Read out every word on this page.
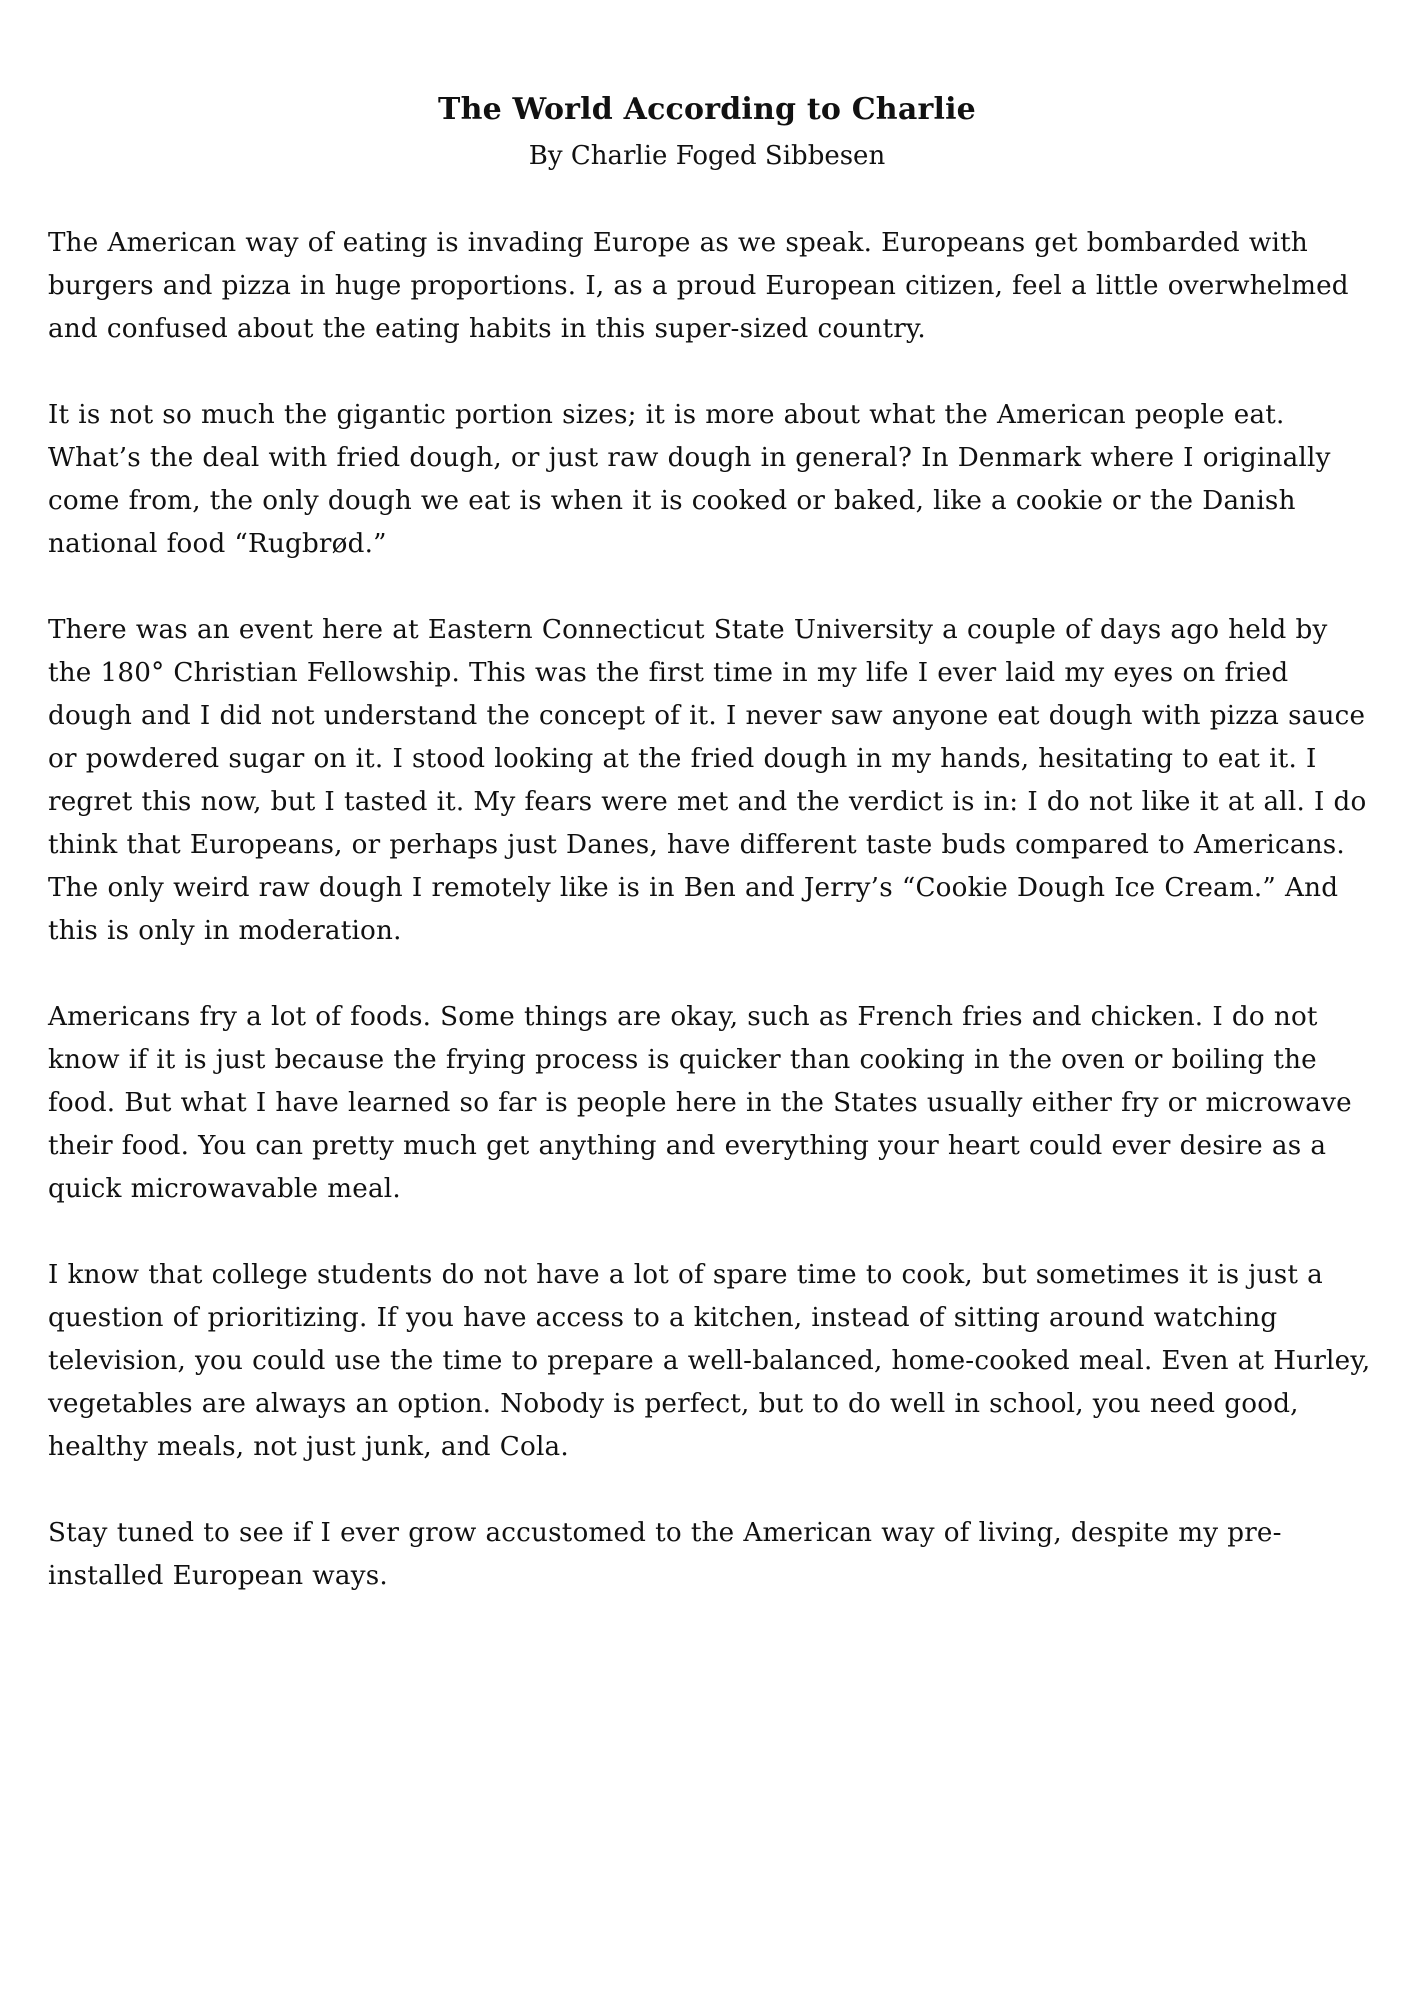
The World According to Charlie

By Charlie Foged Sibbesen

The American way of eating is invading Europe as we speak. Europeans get bombarded with burgers and pizza in huge proportions. I, as a proud European citizen, feel a little overwhelmed and confused about the eating habits in this super-sized country.

It is not so much the gigantic portion sizes; it is more about what the American people eat. What’s the deal with fried dough, or just raw dough in general? In Denmark where I originally come from, the only dough we eat is when it is cooked or baked, like a cookie or the Danish national food “Rugbrød.”

There was an event here at Eastern Connecticut State University a couple of days ago held by the 180° Christian Fellowship. This was the first time in my life I ever laid my eyes on fried dough and I did not understand the concept of it. I never saw anyone eat dough with pizza sauce or powdered sugar on it. I stood looking at the fried dough in my hands, hesitating to eat it. I regret this now, but I tasted it. My fears were met and the verdict is in: I do not like it at all. I do think that Europeans, or perhaps just Danes, have different taste buds compared to Americans. The only weird raw dough I remotely like is in Ben and Jerry’s “Cookie Dough Ice Cream.” And this is only in moderation.

Americans fry a lot of foods. Some things are okay, such as French fries and chicken. I do not know if it is just because the frying process is quicker than cooking in the oven or boiling the food. But what I have learned so far is people here in the States usually either fry or microwave their food. You can pretty much get anything and everything your heart could ever desire as a quick microwavable meal.

I know that college students do not have a lot of spare time to cook, but sometimes it is just a question of prioritizing. If you have access to a kitchen, instead of sitting around watching television, you could use the time to prepare a well-balanced, home-cooked meal. Even at Hurley, vegetables are always an option. Nobody is perfect, but to do well in school, you need good, healthy meals, not just junk, and Cola.

Stay tuned to see if I ever grow accustomed to the American way of living, despite my pre-installed European ways.
